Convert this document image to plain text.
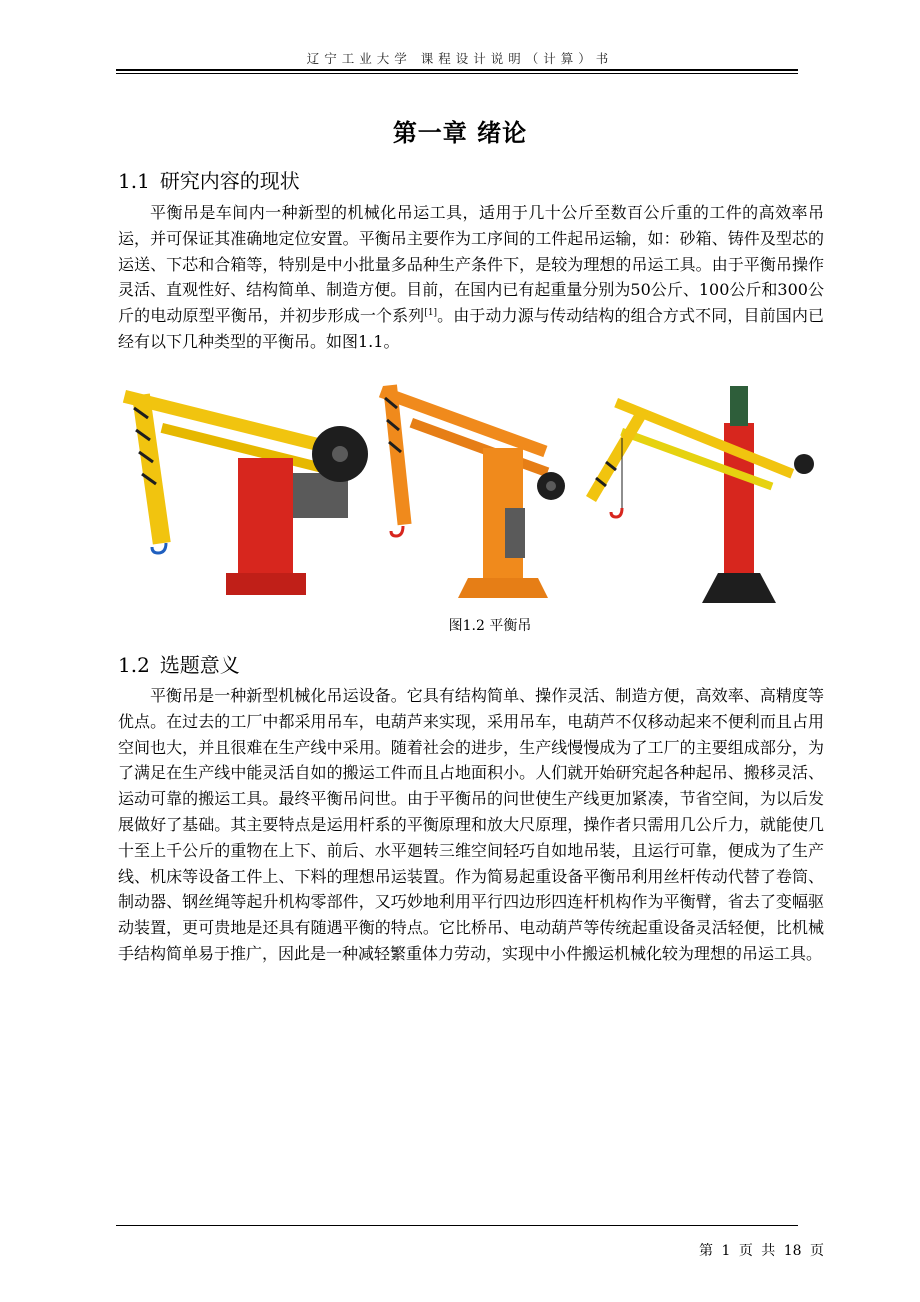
辽宁工业大学 课程设计说明（计算）书
第一章 绪论
1.1 研究内容的现状

平衡吊是车间内一种新型的机械化吊运工具，适用于几十公斤至数百公斤重的工件的高效率吊运，并可保证其准确地定位安置。平衡吊主要作为工序间的工件起吊运输，如：砂箱、铸件及型芯的运送、下芯和合箱等，特别是中小批量多品种生产条件下，是较为理想的吊运工具。由于平衡吊操作灵活、直观性好、结构简单、制造方便。目前，在国内已有起重量分别为50公斤、100公斤和300公斤的电动原型平衡吊，并初步形成一个系列[1]。由于动力源与传动结构的组合方式不同，目前国内已经有以下几种类型的平衡吊。如图1.1。

图1.2 平衡吊
1.2 选题意义

平衡吊是一种新型机械化吊运设备。它具有结构简单、操作灵活、制造方便，高效率、高精度等优点。在过去的工厂中都采用吊车，电葫芦来实现，采用吊车，电葫芦不仅移动起来不便利而且占用空间也大，并且很难在生产线中采用。随着社会的进步，生产线慢慢成为了工厂的主要组成部分，为了满足在生产线中能灵活自如的搬运工件而且占地面积小。人们就开始研究起各种起吊、搬移灵活、运动可靠的搬运工具。最终平衡吊问世。由于平衡吊的问世使生产线更加紧凑，节省空间，为以后发展做好了基础。其主要特点是运用杆系的平衡原理和放大尺原理，操作者只需用几公斤力，就能使几十至上千公斤的重物在上下、前后、水平廻转三维空间轻巧自如地吊装，且运行可靠，便成为了生产线、机床等设备工件上、下料的理想吊运装置。作为简易起重设备平衡吊利用丝杆传动代替了卷筒、制动器、钢丝绳等起升机构零部件，又巧妙地利用平行四边形四连杆机构作为平衡臂，省去了变幅驱动装置，更可贵地是还具有随遇平衡的特点。它比桥吊、电动葫芦等传统起重设备灵活轻便，比机械手结构简单易于推广，因此是一种减轻繁重体力劳动，实现中小件搬运机械化较为理想的吊运工具。

第 1 页 共 18 页
